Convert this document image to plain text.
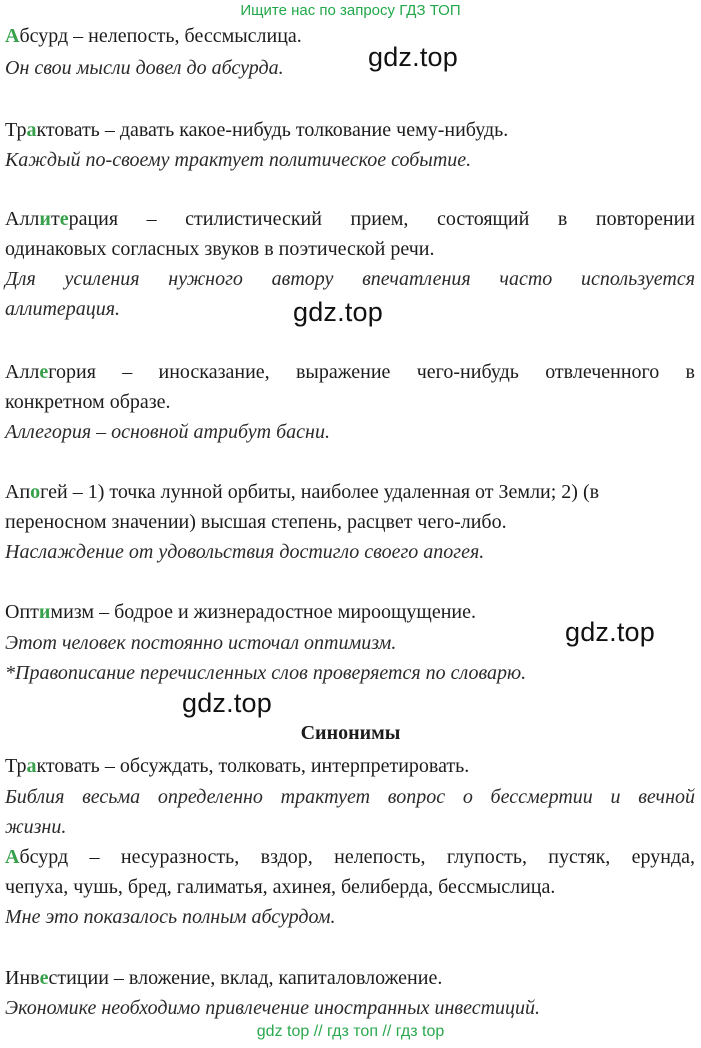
Ищите нас по запросу ГДЗ ТОП
Абсурд – нелепость, бессмыслица.
Он свои мысли довел до абсурда.	gdz.top
Трактовать – давать какое-нибудь толкование чему-нибудь.
Каждый по-своему трактует политическое событие.
Аллитерация – стилистический прием, состоящий в повторении
одинаковых согласных звуков в поэтической речи.
Для усиления нужного автору впечатления часто используется
аллитерация.	gdz.top
Аллегория – иносказание, выражение чего-нибудь отвлеченного в
конкретном образе.
Аллегория – основной атрибут басни.
Апогей – 1) точка лунной орбиты, наиболее удаленная от Земли; 2) (в
переносном значении) высшая степень, расцвет чего-либо.
Наслаждение от удовольствия достигло своего апогея.
Оптимизм – бодрое и жизнерадостное мироощущение.
Этот человек постоянно источал оптимизм.	gdz.top
*Правописание перечисленных слов проверяется по словарю.
gdz.top
Синонимы
Трактовать – обсуждать, толковать, интерпретировать.
Библия весьма определенно трактует вопрос о бессмертии и вечной
жизни.
Абсурд – несуразность, вздор, нелепость, глупость, пустяк, ерунда,
чепуха, чушь, бред, галиматья, ахинея, белиберда, бессмыслица.
Мне это показалось полным абсурдом.
Инвестиции – вложение, вклад, капиталовложение.
Экономике необходимо привлечение иностранных инвестиций.
gdz top // гдз топ // гдз top
